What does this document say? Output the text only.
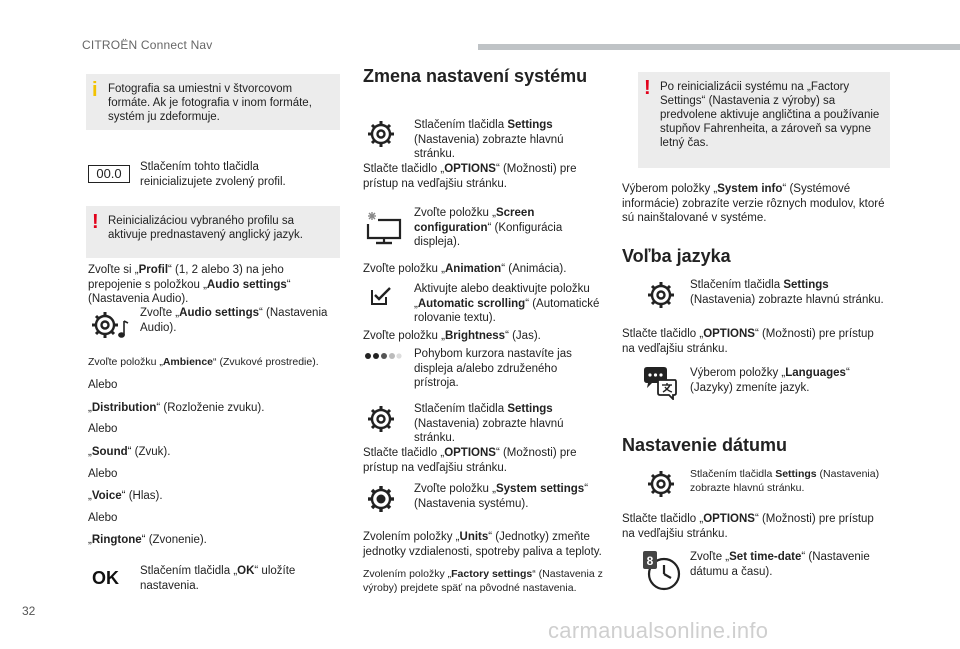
CITROËN Connect Nav
32
carmanualsonline.info
i Fotografia sa umiestni v štvorcovom formáte. Ak je fotografia v inom formáte, systém ju zdeformuje.
00.0	Stlačením tohto tlačidla reinicializujete zvolený profil.
! Reinicializáciou vybraného profilu sa aktivuje prednastavený anglický jazyk.
Zvoľte si „Profil“ (1, 2 alebo 3) na jeho prepojenie s položkou „Audio settings“ (Nastavenia Audio).
Zvoľte „Audio settings“ (Nastavenia Audio).
Zvoľte položku „Ambience“ (Zvukové prostredie).
Alebo
„Distribution“ (Rozloženie zvuku).
Alebo
„Sound“ (Zvuk).
Alebo
„Voice“ (Hlas).
Alebo
„Ringtone“ (Zvonenie).
OK Stlačením tlačidla „OK“ uložíte nastavenia.
Zmena nastavení systému
Stlačením tlačidla Settings (Nastavenia) zobrazte hlavnú stránku.
Stlačte tlačidlo „OPTIONS“ (Možnosti) pre prístup na vedľajšiu stránku.
Zvoľte položku „Screen configuration“ (Konfigurácia displeja).
Zvoľte položku „Animation“ (Animácia).
Aktivujte alebo deaktivujte položku „Automatic scrolling“ (Automatické rolovanie textu).
Zvoľte položku „Brightness“ (Jas).
Pohybom kurzora nastavíte jas displeja a/alebo združeného prístroja.
Stlačením tlačidla Settings (Nastavenia) zobrazte hlavnú stránku.
Stlačte tlačidlo „OPTIONS“ (Možnosti) pre prístup na vedľajšiu stránku.
Zvoľte položku „System settings“ (Nastavenia systému).
Zvolením položky „Units“ (Jednotky) zmeňte jednotky vzdialenosti, spotreby paliva a teploty.
Zvolením položky „Factory settings“ (Nastavenia z výroby) prejdete späť na pôvodné nastavenia.
! Po reinicializácii systému na „Factory Settings“ (Nastavenia z výroby) sa predvolene aktivuje angličtina a používanie stupňov Fahrenheita, a zároveň sa vypne letný čas.
Výberom položky „System info“ (Systémové informácie) zobrazíte verzie rôznych modulov, ktoré sú nainštalované v systéme.
Voľba jazyka
Stlačením tlačidla Settings (Nastavenia) zobrazte hlavnú stránku.
Stlačte tlačidlo „OPTIONS“ (Možnosti) pre prístup na vedľajšiu stránku.
Výberom položky „Languages“ (Jazyky) zmeníte jazyk.
Nastavenie dátumu
Stlačením tlačidla Settings (Nastavenia) zobrazte hlavnú stránku.
Stlačte tlačidlo „OPTIONS“ (Možnosti) pre prístup na vedľajšiu stránku.
8	Zvoľte „Set time-date“ (Nastavenie dátumu a času).
